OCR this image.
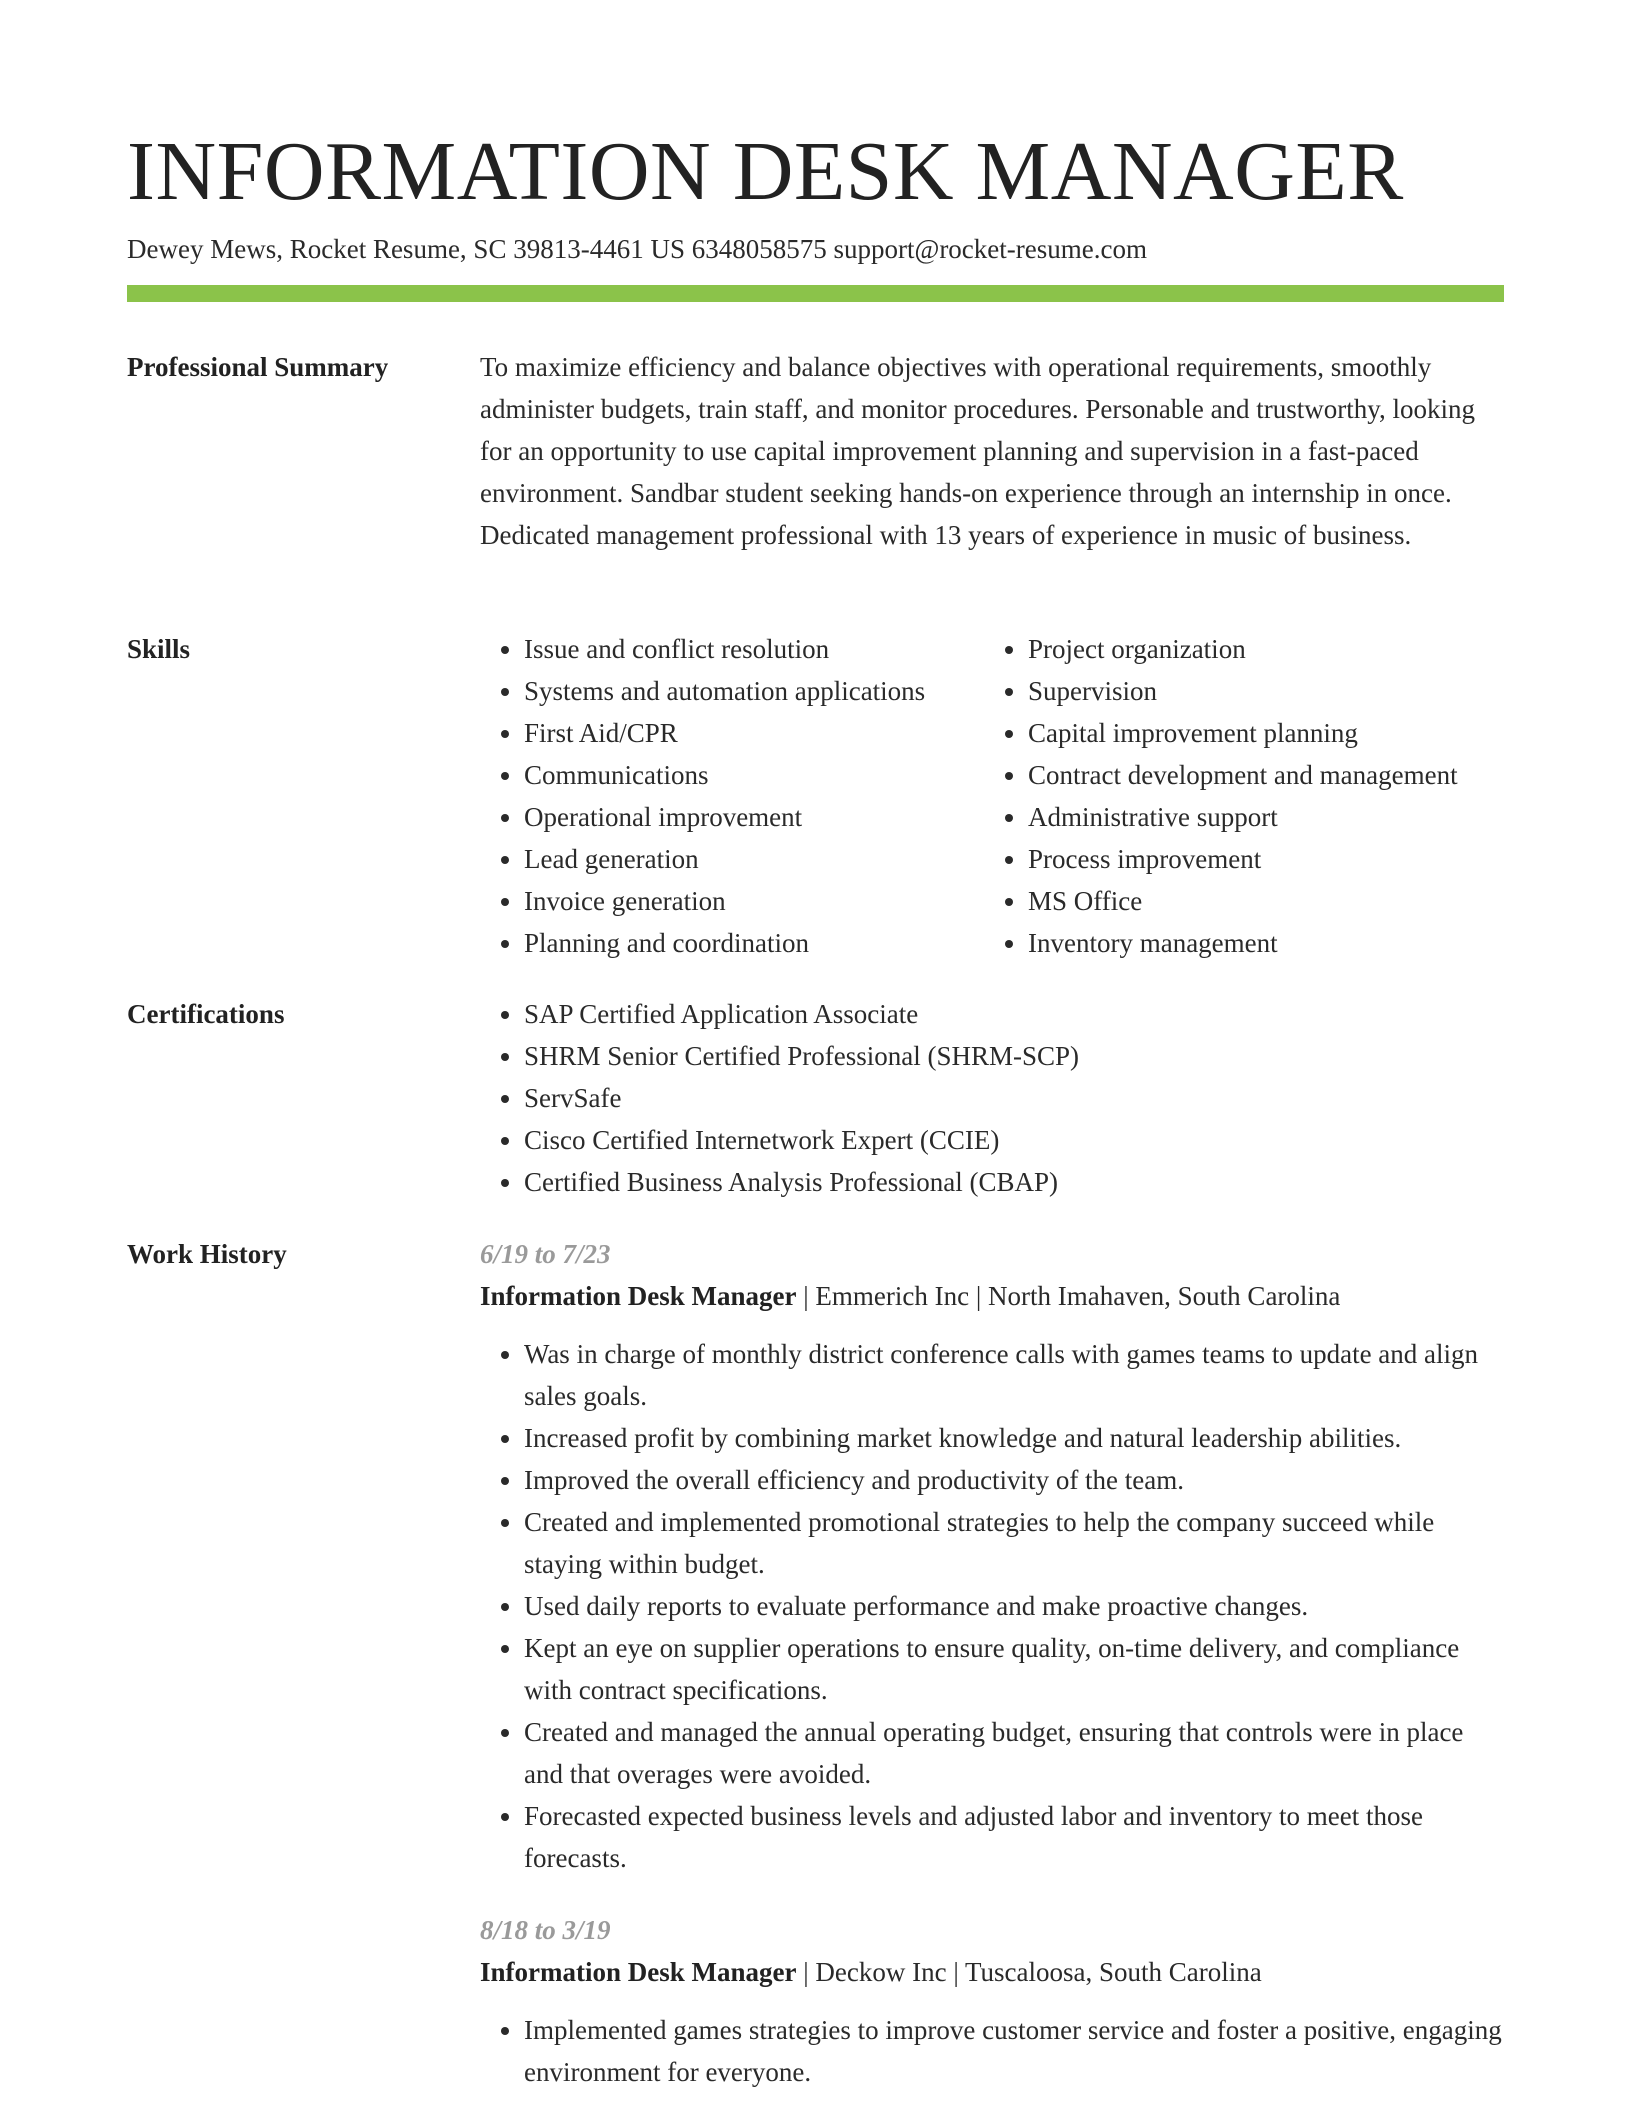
INFORMATION DESK MANAGER
Dewey Mews, Rocket Resume, SC 39813-4461 US 6348058575 support@rocket-resume.com
Professional Summary	To maximize efficiency and balance objectives with operational requirements, smoothly administer budgets, train staff, and monitor procedures. Personable and trustworthy, looking for an opportunity to use capital improvement planning and supervision in a fast-paced environment. Sandbar student seeking hands-on experience through an internship in once. Dedicated management professional with 13 years of experience in music of business.

Skills	• Issue and conflict resolution
• Systems and automation applications
• First Aid/CPR
• Communications
• Operational improvement
• Lead generation
• Invoice generation
• Planning and coordination
• Project organization
• Supervision
• Capital improvement planning
• Contract development and management
• Administrative support
• Process improvement
• MS Office
• Inventory management
Certifications	• SAP Certified Application Associate
• SHRM Senior Certified Professional (SHRM-SCP)
• ServSafe
• Cisco Certified Internetwork Expert (CCIE)
• Certified Business Analysis Professional (CBAP)
Work History	6/19 to 7/23
Information Desk Manager | Emmerich Inc | North Imahaven, South Carolina
• Was in charge of monthly district conference calls with games teams to update and align sales goals.
• Increased profit by combining market knowledge and natural leadership abilities.
• Improved the overall efficiency and productivity of the team.
• Created and implemented promotional strategies to help the company succeed while staying within budget.
• Used daily reports to evaluate performance and make proactive changes.
• Kept an eye on supplier operations to ensure quality, on-time delivery, and compliance with contract specifications.
• Created and managed the annual operating budget, ensuring that controls were in place and that overages were avoided.
• Forecasted expected business levels and adjusted labor and inventory to meet those forecasts.
8/18 to 3/19
Information Desk Manager | Deckow Inc | Tuscaloosa, South Carolina
• Implemented games strategies to improve customer service and foster a positive, engaging environment for everyone.
